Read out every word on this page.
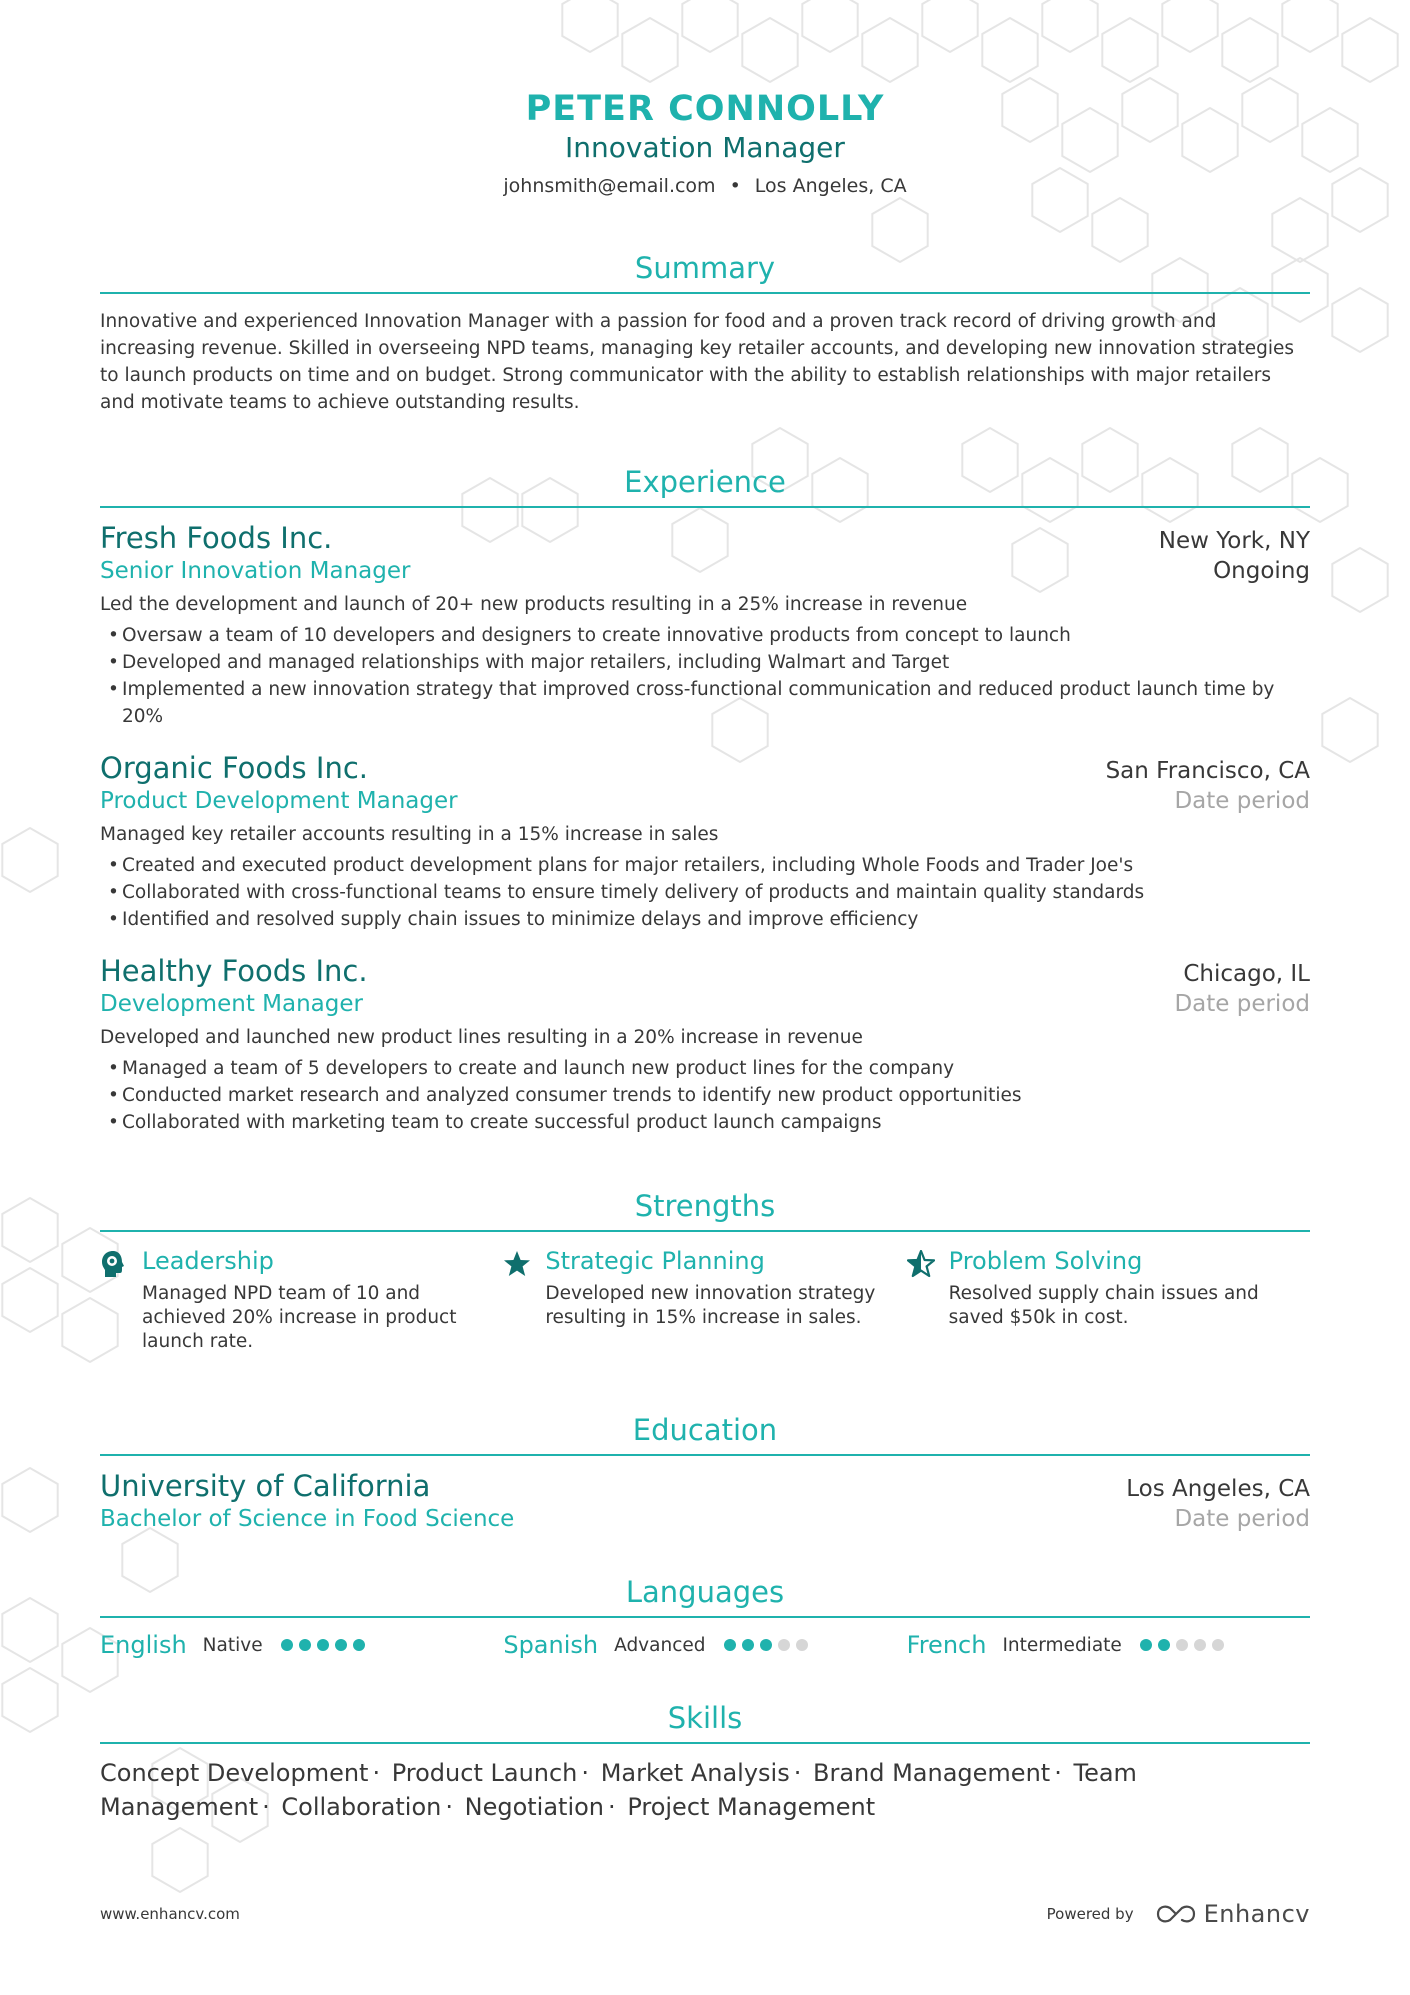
PETER CONNOLLY
Innovation Manager
johnsmith@email.com • Los Angeles, CA
Summary
Innovative and experienced Innovation Manager with a passion for food and a proven track record of driving growth and increasing revenue. Skilled in overseeing NPD teams, managing key retailer accounts, and developing new innovation strategies to launch products on time and on budget. Strong communicator with the ability to establish relationships with major retailers and motivate teams to achieve outstanding results.
Experience
Fresh Foods Inc.	New York, NY
Senior Innovation Manager	Ongoing
Led the development and launch of 20+ new products resulting in a 25% increase in revenue
• Oversaw a team of 10 developers and designers to create innovative products from concept to launch
• Developed and managed relationships with major retailers, including Walmart and Target
• Implemented a new innovation strategy that improved cross-functional communication and reduced product launch time by 20%
Organic Foods Inc.	San Francisco, CA
Product Development Manager	Date period
Managed key retailer accounts resulting in a 15% increase in sales
• Created and executed product development plans for major retailers, including Whole Foods and Trader Joe's
• Collaborated with cross-functional teams to ensure timely delivery of products and maintain quality standards
• Identified and resolved supply chain issues to minimize delays and improve efficiency
Healthy Foods Inc.	Chicago, IL
Development Manager	Date period
Developed and launched new product lines resulting in a 20% increase in revenue
• Managed a team of 5 developers to create and launch new product lines for the company
• Conducted market research and analyzed consumer trends to identify new product opportunities
• Collaborated with marketing team to create successful product launch campaigns
Strengths
Leadership
Managed NPD team of 10 and achieved 20% increase in product launch rate.
Strategic Planning
Developed new innovation strategy resulting in 15% increase in sales.
Problem Solving
Resolved supply chain issues and saved $50k in cost.
Education
University of California	Los Angeles, CA
Bachelor of Science in Food Science	Date period
Languages
English Native	Spanish Advanced	French Intermediate
Skills
Concept Development · Product Launch · Market Analysis · Brand Management · Team Management · Collaboration · Negotiation · Project Management
www.enhancv.com	Powered by	Enhancv
